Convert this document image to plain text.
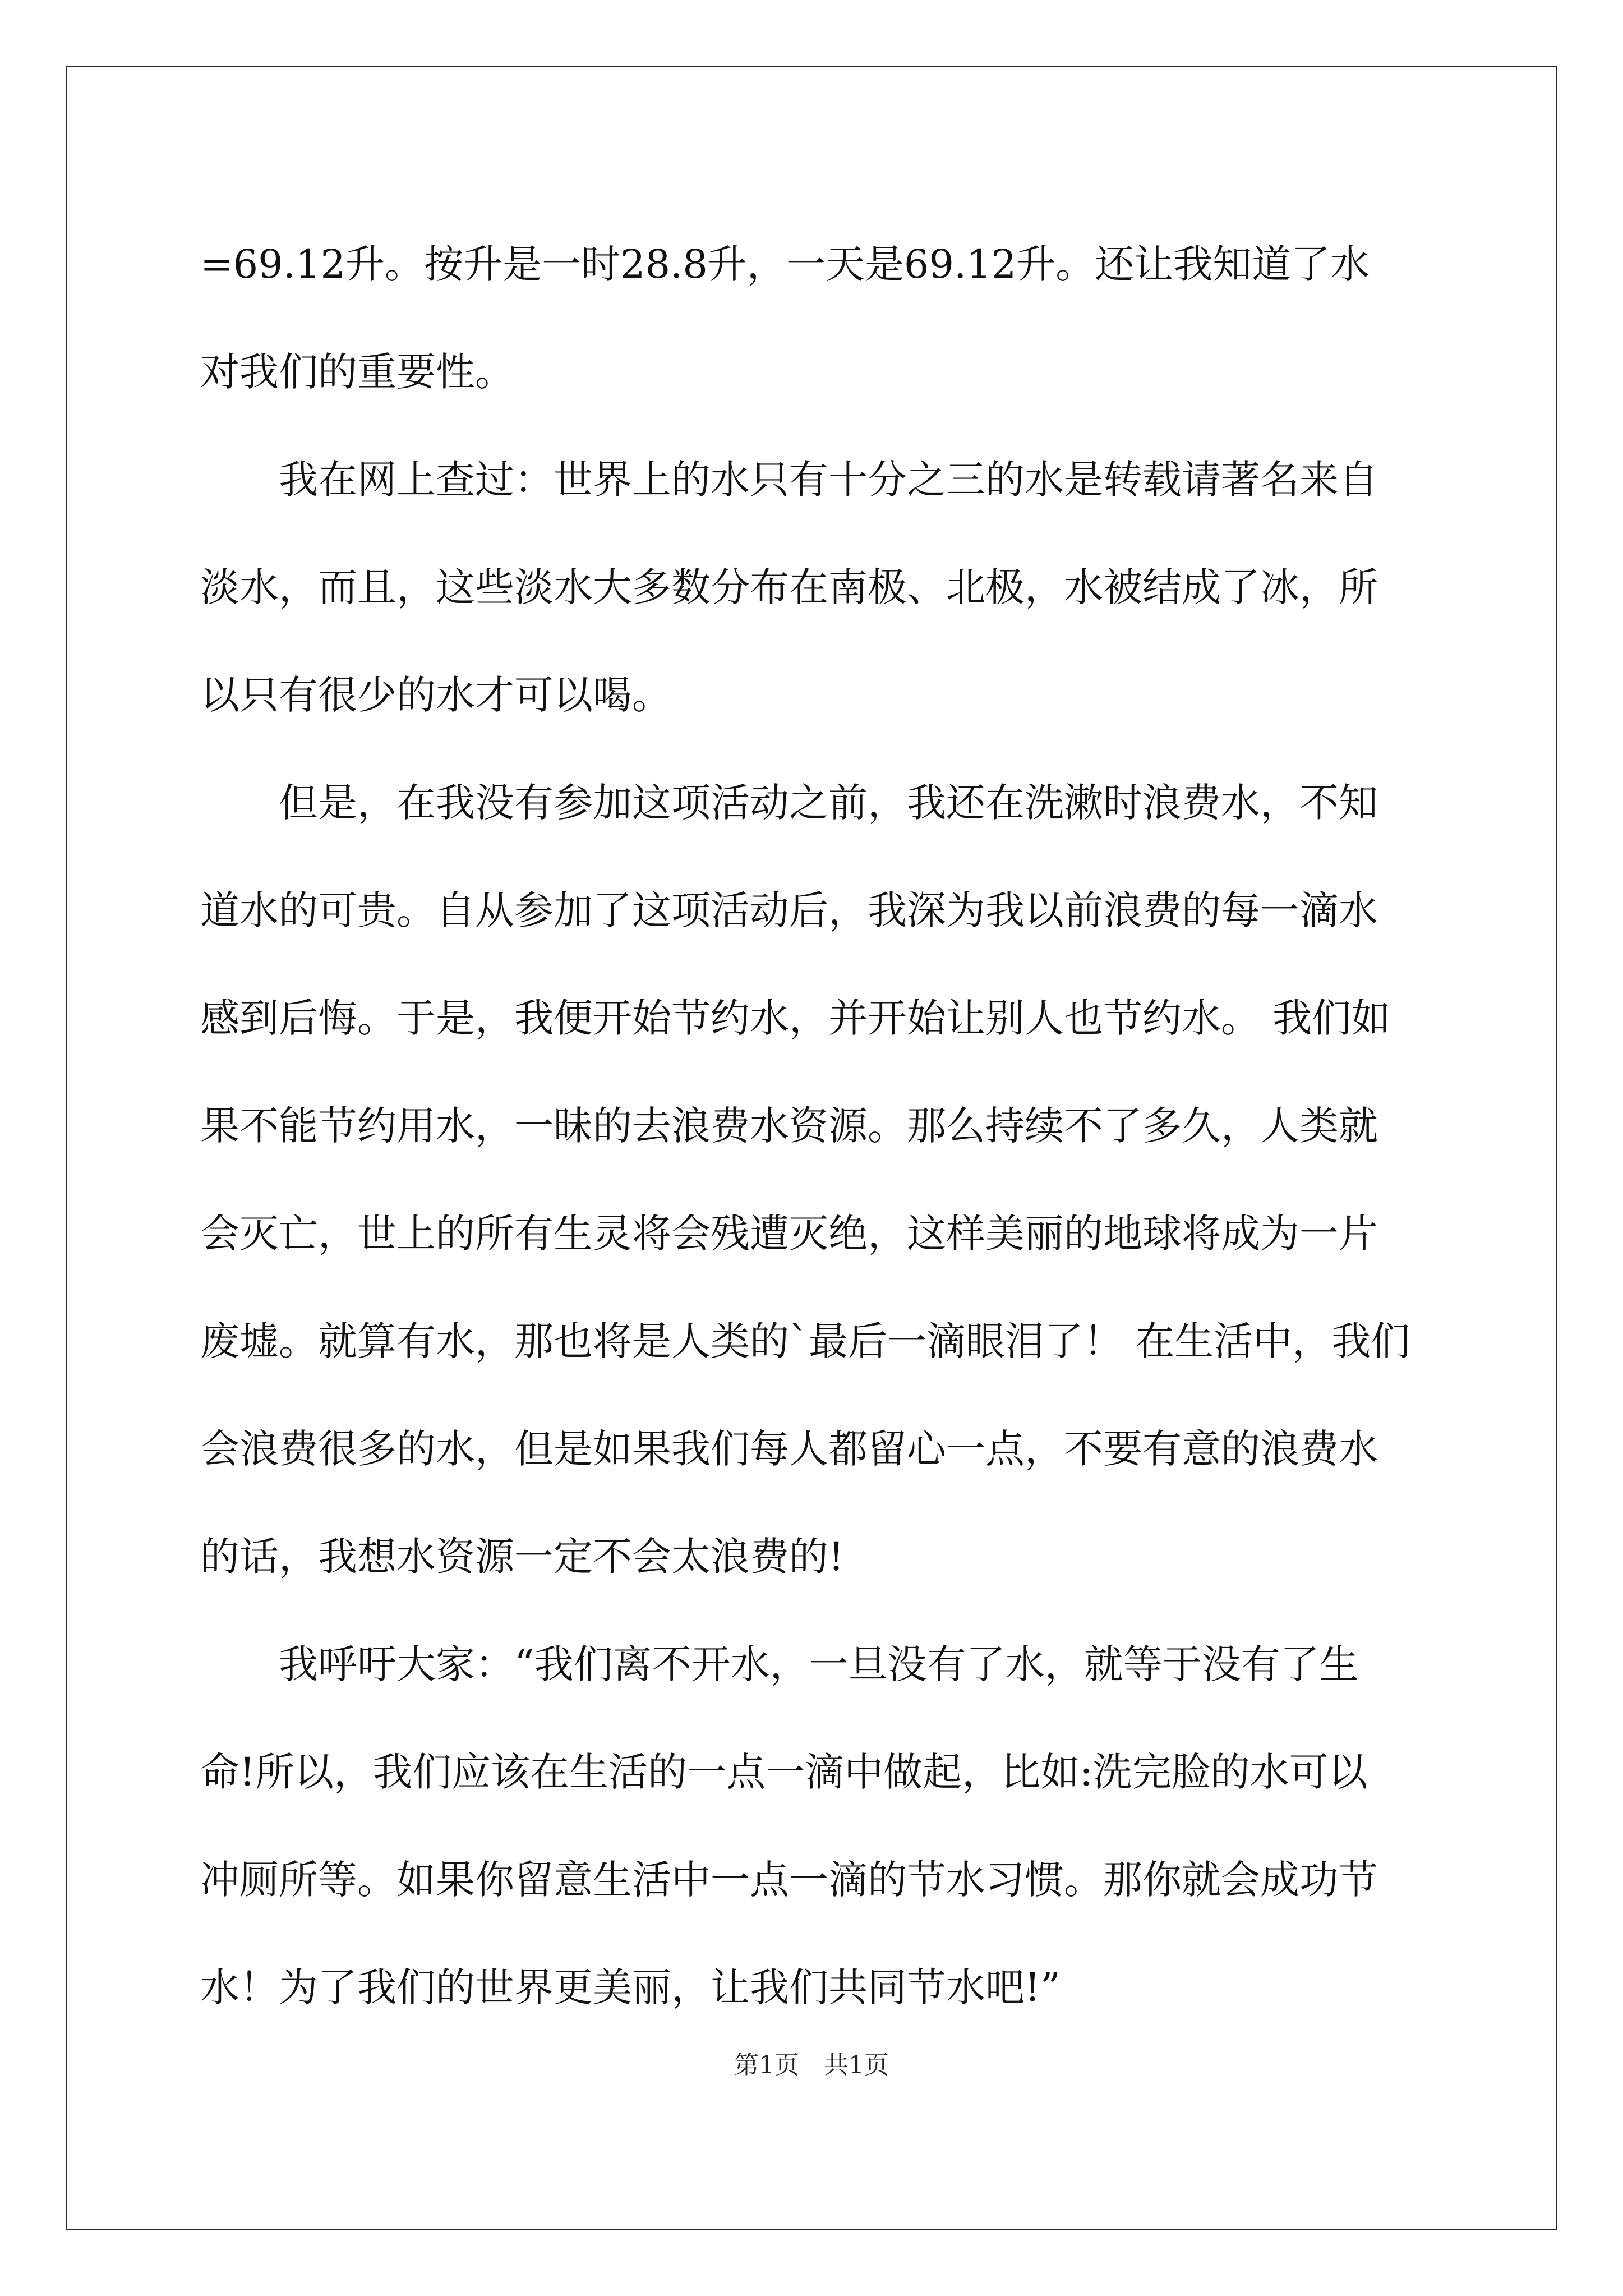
=69.12升。按升是一时28.8升，一天是69.12升。还让我知道了水
对我们的重要性。
　　我在网上查过：世界上的水只有十分之三的水是转载请著名来自
淡水，而且，这些淡水大多数分布在南极、北极，水被结成了冰，所
以只有很少的水才可以喝。
　　但是，在我没有参加这项活动之前，我还在洗漱时浪费水，不知
道水的可贵。自从参加了这项活动后，我深为我以前浪费的每一滴水
感到后悔。于是，我便开始节约水，并开始让别人也节约水。 我们如
果不能节约用水，一昧的去浪费水资源。那么持续不了多久，人类就
会灭亡，世上的所有生灵将会残遭灭绝，这样美丽的地球将成为一片
废墟。就算有水，那也将是人类的`最后一滴眼泪了！ 在生活中，我们
会浪费很多的水，但是如果我们每人都留心一点，不要有意的浪费水
的话，我想水资源一定不会太浪费的!
　　我呼吁大家：“我们离不开水，一旦没有了水，就等于没有了生
命!所以，我们应该在生活的一点一滴中做起，比如:洗完脸的水可以
冲厕所等。如果你留意生活中一点一滴的节水习惯。那你就会成功节
水！为了我们的世界更美丽，让我们共同节水吧!”
第1页　共1页
